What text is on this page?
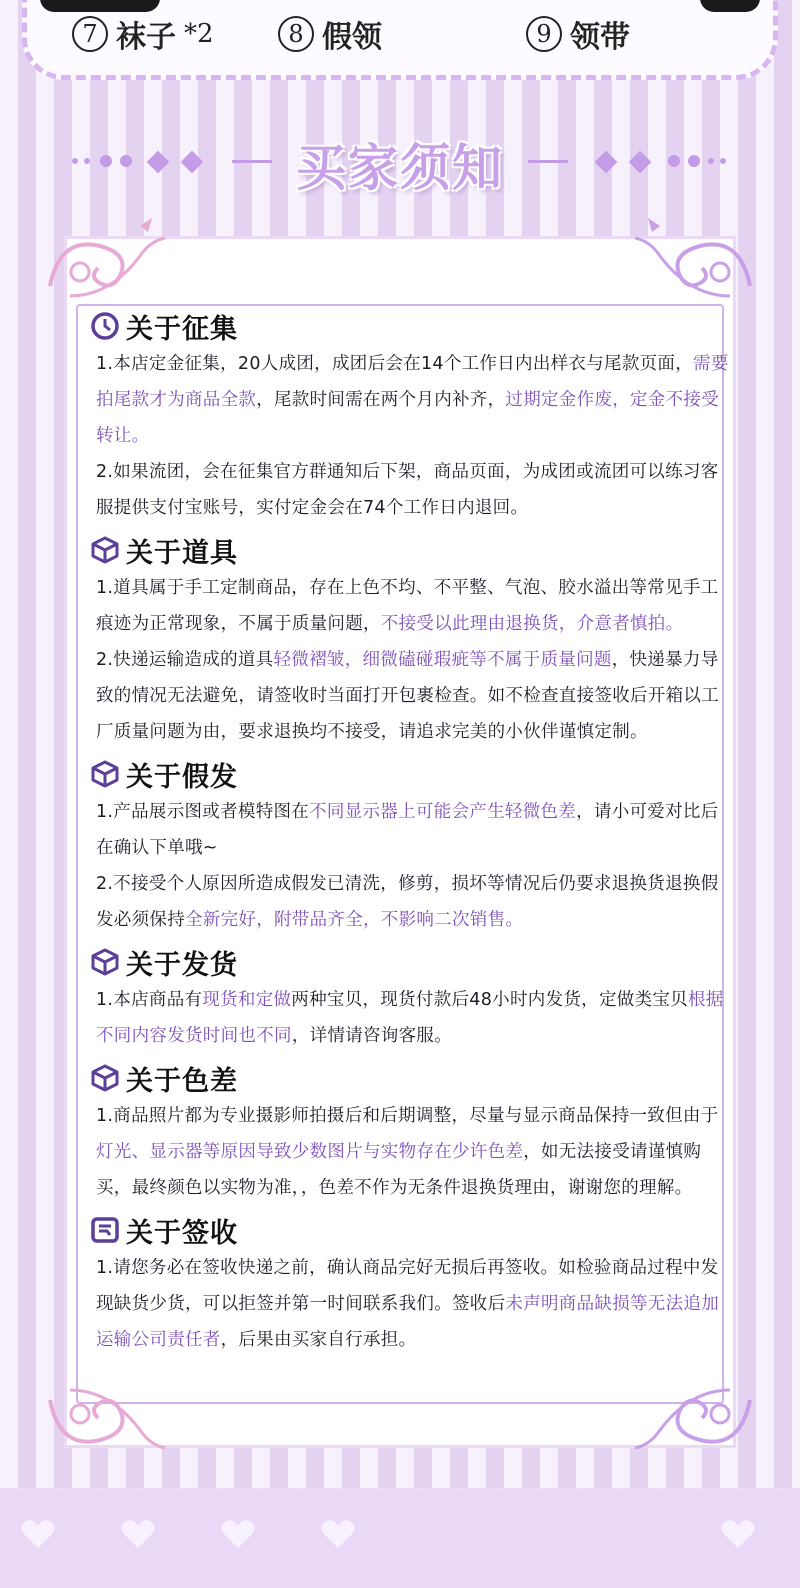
7 袜子 *2	8 假领	9 领带
买家须知
关于征集
1.本店定金征集，20人成团，成团后会在14个工作日内出样衣与尾款页面，需要拍尾款才为商品全款，尾款时间需在两个月内补齐，过期定金作废，定金不接受转让。
2.如果流团，会在征集官方群通知后下架，商品页面，为成团或流团可以练习客服提供支付宝账号，实付定金会在74个工作日内退回。
关于道具
1.道具属于手工定制商品，存在上色不均、不平整、气泡、胶水溢出等常见手工痕迹为正常现象，不属于质量问题，不接受以此理由退换货，介意者慎拍。
2.快递运输造成的道具轻微褶皱，细微磕碰瑕疵等不属于质量问题，快递暴力导致的情况无法避免，请签收时当面打开包裹检查。如不检查直接签收后开箱以工厂质量问题为由，要求退换均不接受，请追求完美的小伙伴谨慎定制。
关于假发
1.产品展示图或者模特图在不同显示器上可能会产生轻微色差，请小可爱对比后在确认下单哦~
2.不接受个人原因所造成假发已清洗，修剪，损坏等情况后仍要求退换货退换假发必须保持全新完好，附带品齐全，不影响二次销售。
关于发货
1.本店商品有现货和定做两种宝贝，现货付款后48小时内发货，定做类宝贝根据不同内容发货时间也不同，详情请咨询客服。
关于色差
1.商品照片都为专业摄影师拍摄后和后期调整，尽量与显示商品保持一致但由于灯光、显示器等原因导致少数图片与实物存在少许色差，如无法接受请谨慎购买，最终颜色以实物为准，，色差不作为无条件退换货理由，谢谢您的理解。
关于签收
1.请您务必在签收快递之前，确认商品完好无损后再签收。如检验商品过程中发现缺货少货，可以拒签并第一时间联系我们。签收后未声明商品缺损等无法追加运输公司责任者，后果由买家自行承担。
